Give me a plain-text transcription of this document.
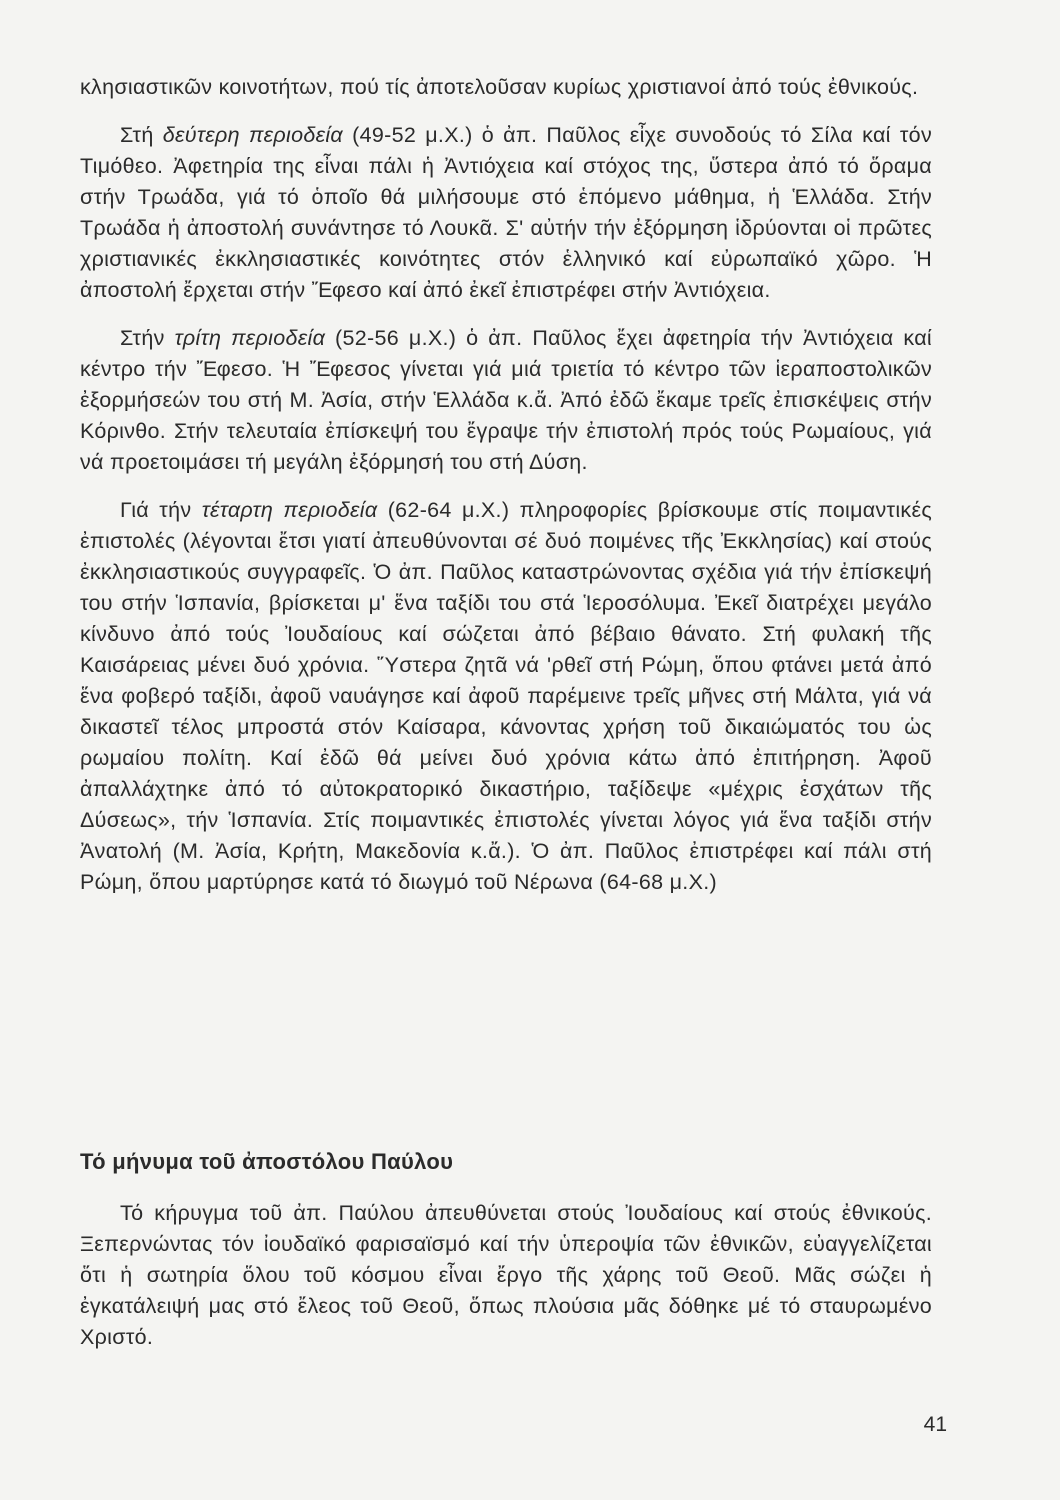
κλησιαστικῶν κοινοτήτων, πού τίς ἀποτελοῦσαν κυρίως χριστιανοί ἀπό τούς ἐθνικούς.

Στή δεύτερη περιοδεία (49-52 μ.Χ.) ὁ ἀπ. Παῦλος εἶχε συνοδούς τό Σίλα καί τόν Τιμόθεο. Ἀφετηρία της εἶναι πάλι ἡ Ἀντιόχεια καί στόχος της, ὕστερα ἀπό τό ὅραμα στήν Τρωάδα, γιά τό ὁποῖο θά μιλήσουμε στό ἑπόμενο μάθημα, ἡ Ἑλλάδα. Στήν Τρωάδα ἡ ἀποστολή συνάντησε τό Λουκᾶ. Σ' αὐτήν τήν ἐξόρμηση ἱδρύονται οἱ πρῶτες χριστιανικές ἐκκλησιαστικές κοινότητες στόν ἑλληνικό καί εὐρωπαϊκό χῶρο. Ἡ ἀποστολή ἔρχεται στήν Ἔφεσο καί ἀπό ἐκεῖ ἐπιστρέφει στήν Ἀντιόχεια.

Στήν τρίτη περιοδεία (52-56 μ.Χ.) ὁ ἀπ. Παῦλος ἔχει ἀφετηρία τήν Ἀντιόχεια καί κέντρο τήν Ἔφεσο. Ἡ Ἔφεσος γίνεται γιά μιά τριετία τό κέντρο τῶν ἱεραποστολικῶν ἐξορμήσεών του στή Μ. Ἀσία, στήν Ἑλλάδα κ.ἄ. Ἀπό ἐδῶ ἔκαμε τρεῖς ἐπισκέψεις στήν Κόρινθο. Στήν τελευταία ἐπίσκεψή του ἔγραψε τήν ἐπιστολή πρός τούς Ρωμαίους, γιά νά προετοιμάσει τή μεγάλη ἐξόρμησή του στή Δύση.

Γιά τήν τέταρτη περιοδεία (62-64 μ.Χ.) πληροφορίες βρίσκουμε στίς ποιμαντικές ἐπιστολές (λέγονται ἔτσι γιατί ἀπευθύνονται σέ δυό ποιμένες τῆς Ἐκκλησίας) καί στούς ἐκκλησιαστικούς συγγραφεῖς. Ὁ ἀπ. Παῦλος καταστρώνοντας σχέδια γιά τήν ἐπίσκεψή του στήν Ἱσπανία, βρίσκεται μ' ἕνα ταξίδι του στά Ἱεροσόλυμα. Ἐκεῖ διατρέχει μεγάλο κίνδυνο ἀπό τούς Ἰουδαίους καί σώζεται ἀπό βέβαιο θάνατο. Στή φυλακή τῆς Καισάρειας μένει δυό χρόνια. Ὕστερα ζητᾶ νά 'ρθεῖ στή Ρώμη, ὅπου φτάνει μετά ἀπό ἕνα φοβερό ταξίδι, ἀφοῦ ναυάγησε καί ἀφοῦ παρέμεινε τρεῖς μῆνες στή Μάλτα, γιά νά δικαστεῖ τέλος μπροστά στόν Καίσαρα, κάνοντας χρήση τοῦ δικαιώματός του ὡς ρωμαίου πολίτη. Καί ἐδῶ θά μείνει δυό χρόνια κάτω ἀπό ἐπιτήρηση. Ἀφοῦ ἀπαλλάχτηκε ἀπό τό αὐτοκρατορικό δικαστήριο, ταξίδεψε «μέχρις ἐσχάτων τῆς Δύσεως», τήν Ἱσπανία. Στίς ποιμαντικές ἐπιστολές γίνεται λόγος γιά ἕνα ταξίδι στήν Ἀνατολή (Μ. Ἀσία, Κρήτη, Μακεδονία κ.ἄ.). Ὁ ἀπ. Παῦλος ἐπιστρέφει καί πάλι στή Ρώμη, ὅπου μαρτύρησε κατά τό διωγμό τοῦ Νέρωνα (64-68 μ.Χ.)

Τό μήνυμα τοῦ ἀποστόλου Παύλου

Τό κήρυγμα τοῦ ἀπ. Παύλου ἀπευθύνεται στούς Ἰουδαίους καί στούς ἐθνικούς. Ξεπερνώντας τόν ἰουδαϊκό φαρισαϊσμό καί τήν ὑπεροψία τῶν ἐθνικῶν, εὐαγγελίζεται ὅτι ἡ σωτηρία ὅλου τοῦ κόσμου εἶναι ἔργο τῆς χάρης τοῦ Θεοῦ. Μᾶς σώζει ἡ ἐγκατάλειψή μας στό ἔλεος τοῦ Θεοῦ, ὅπως πλούσια μᾶς δόθηκε μέ τό σταυρωμένο Χριστό.

41
